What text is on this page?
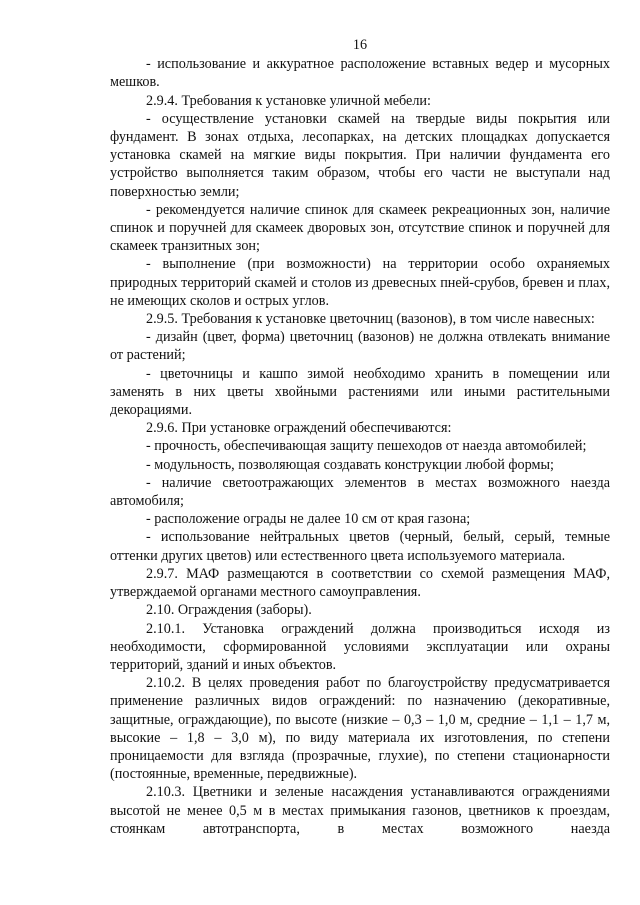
16

- использование и аккуратное расположение вставных ведер и мусорных мешков.

2.9.4. Требования к установке уличной мебели:

- осуществление установки скамей на твердые виды покрытия или фундамент. В зонах отдыха, лесопарках, на детских площадках допускается установка скамей на мягкие виды покрытия. При наличии фундамента его устройство выполняется таким образом, чтобы его части не выступали над поверхностью земли;

- рекомендуется наличие спинок для скамеек рекреационных зон, наличие спинок и поручней для скамеек дворовых зон, отсутствие спинок и поручней для скамеек транзитных зон;

- выполнение (при возможности) на территории особо охраняемых природных территорий скамей и столов из древесных пней-срубов, бревен и плах, не имеющих сколов и острых углов.

2.9.5. Требования к установке цветочниц (вазонов), в том числе навесных:

- дизайн (цвет, форма) цветочниц (вазонов) не должна отвлекать внимание от растений;

- цветочницы и кашпо зимой необходимо хранить в помещении или заменять в них цветы хвойными растениями или иными растительными декорациями.

2.9.6. При установке ограждений обеспечиваются:

- прочность, обеспечивающая защиту пешеходов от наезда автомобилей;

- модульность, позволяющая создавать конструкции любой формы;

- наличие светоотражающих элементов в местах возможного наезда автомобиля;

- расположение ограды не далее 10 см от края газона;

- использование нейтральных цветов (черный, белый, серый, темные оттенки других цветов) или естественного цвета используемого материала.

2.9.7. МАФ размещаются в соответствии со схемой размещения МАФ, утверждаемой органами местного самоуправления.

2.10. Ограждения (заборы).

2.10.1. Установка ограждений должна производиться исходя из необходимости, сформированной условиями эксплуатации или охраны территорий, зданий и иных объектов.

2.10.2. В целях проведения работ по благоустройству предусматривается применение различных видов ограждений: по назначению (декоративные, защитные, ограждающие), по высоте (низкие – 0,3 – 1,0 м, средние – 1,1 – 1,7 м, высокие – 1,8 – 3,0 м), по виду материала их изготовления, по степени проницаемости для взгляда (прозрачные, глухие), по степени стационарности (постоянные, временные, передвижные).

2.10.3. Цветники и зеленые насаждения устанавливаются ограждениями высотой не менее 0,5 м в местах примыкания газонов, цветников к проездам, стоянкам автотранспорта, в местах возможного наезда
